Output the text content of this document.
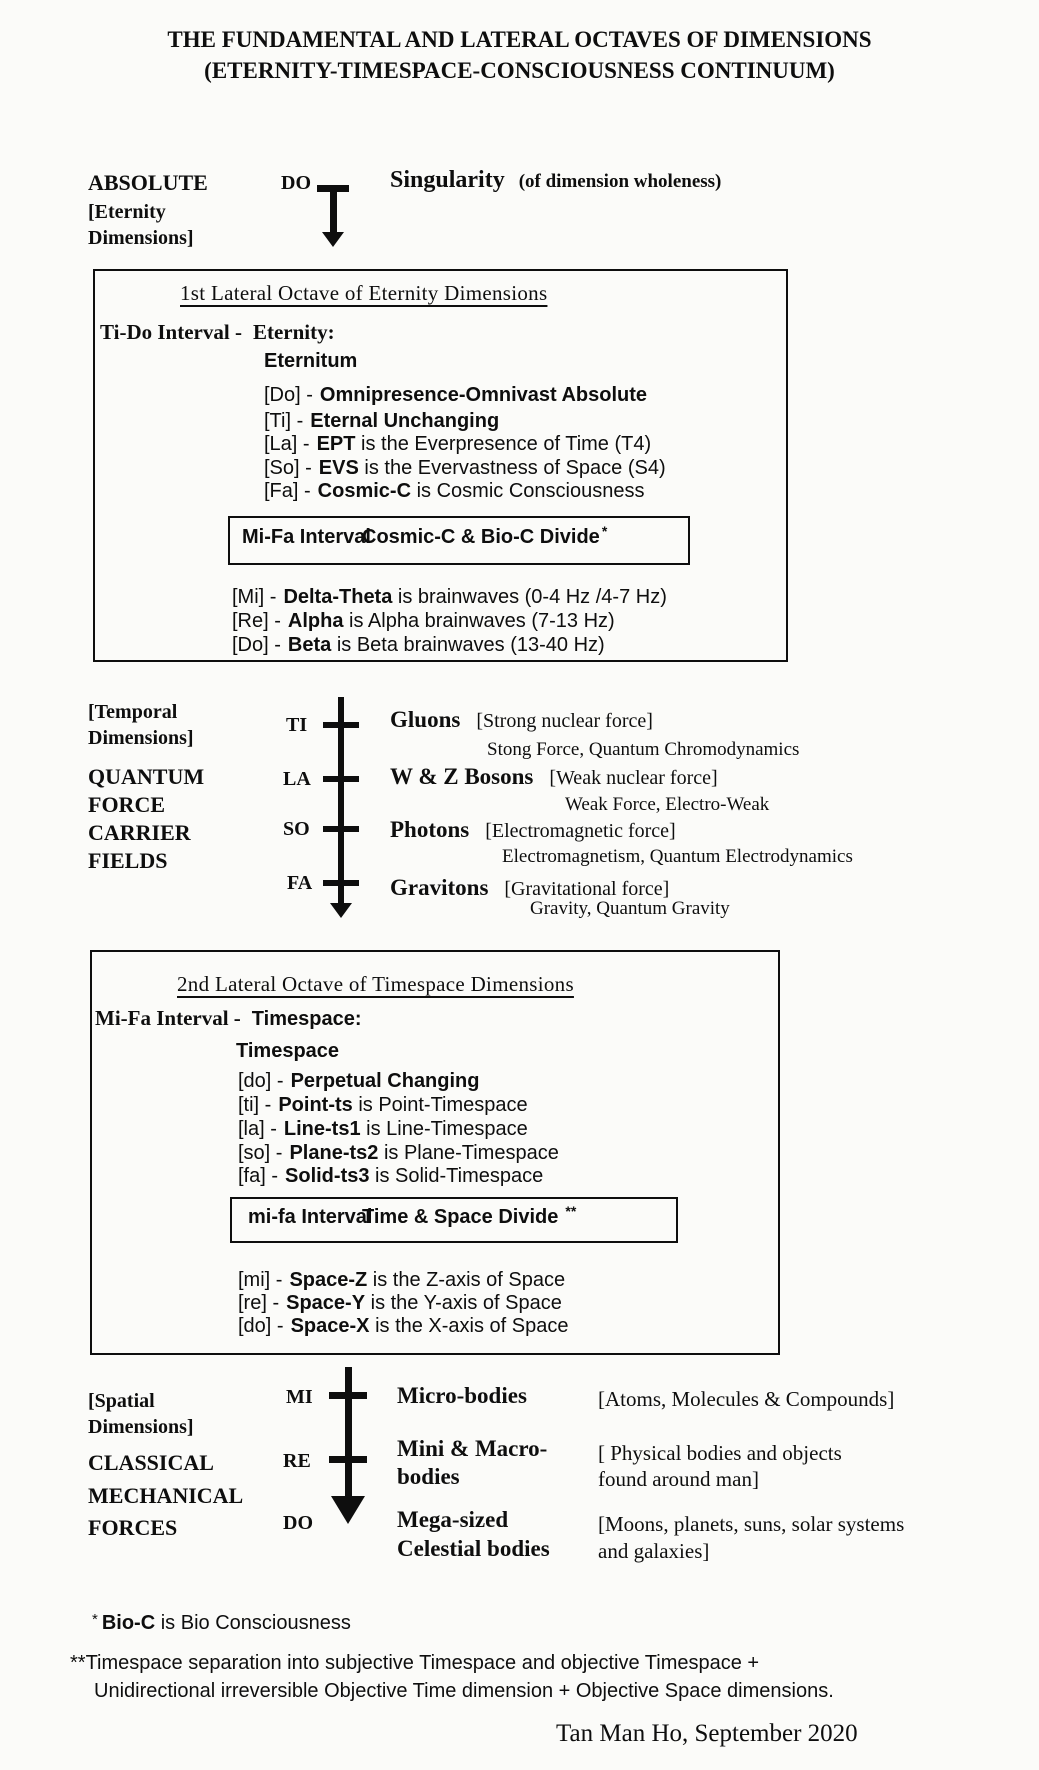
THE FUNDAMENTAL AND LATERAL OCTAVES OF DIMENSIONS
(ETERNITY-TIMESPACE-CONSCIOUSNESS CONTINUUM)
ABSOLUTE
[Eternity
Dimensions]
DO	Singularity (of dimension wholeness)
1st Lateral Octave of Eternity Dimensions
Ti-Do Interval - Eternity:
Eternitum
[Do] - Omnipresence-Omnivast Absolute
[Ti] - Eternal Unchanging
[La] - EPT is the Everpresence of Time (T4)
[So] - EVS is the Evervastness of Space (S4)
[Fa] - Cosmic-C is Cosmic Consciousness
Mi-Fa Interval
Cosmic-C & Bio-C Divide *
[Mi] - Delta-Theta is brainwaves (0-4 Hz /4-7 Hz)
[Re] - Alpha is Alpha brainwaves (7-13 Hz)
[Do] - Beta is Beta brainwaves (13-40 Hz)
[Temporal
Dimensions]
QUANTUM
FORCE
CARRIER
FIELDS
TI
LA
SO
FA
Gluons [Strong nuclear force]
Stong Force, Quantum Chromodynamics
W & Z Bosons [Weak nuclear force]
Weak Force, Electro-Weak
Photons [Electromagnetic force]
Electromagnetism, Quantum Electrodynamics
Gravitons [Gravitational force]
Gravity, Quantum Gravity
2nd Lateral Octave of Timespace Dimensions
Mi-Fa Interval - Timespace:
Timespace
[do] - Perpetual Changing
[ti] - Point-ts is Point-Timespace
[la] - Line-ts1 is Line-Timespace
[so] - Plane-ts2 is Plane-Timespace
[fa] - Solid-ts3 is Solid-Timespace
mi-fa Interval
Time & Space Divide **
[mi] - Space-Z is the Z-axis of Space
[re] - Space-Y is the Y-axis of Space
[do] - Space-X is the X-axis of Space
[Spatial
Dimensions]
CLASSICAL
MECHANICAL
FORCES
MI
RE
DO
Micro-bodies	[Atoms, Molecules & Compounds]
Mini & Macro-
bodies
[ Physical bodies and objects
found around man]
Mega-sized
Celestial bodies
[Moons, planets, suns, solar systems
and galaxies]
* Bio-C is Bio Consciousness
**Timespace separation into subjective Timespace and objective Timespace +
Unidirectional irreversible Objective Time dimension + Objective Space dimensions.
Tan Man Ho, September 2020
